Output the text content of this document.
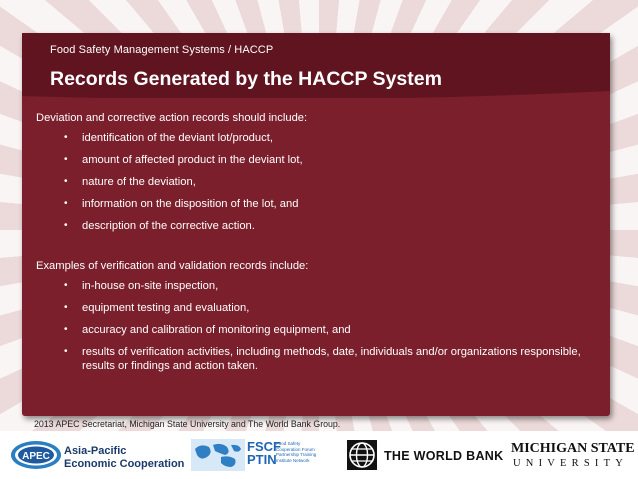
Food Safety Management Systems / HACCP
Records Generated by the HACCP System

Deviation and corrective action records should include:

• identification of the deviant lot/product,
• amount of affected product in the deviant lot,
• nature of the deviation,
• information on the disposition of the lot, and
• description of the corrective action.

Examples of verification and validation records include:

• in-house on-site inspection,
• equipment testing and evaluation,
• accuracy and calibration of monitoring equipment, and
• results of verification activities, including methods, date, individuals and/or organizations responsible, results or findings and action taken.
2013 APEC Secretariat, Michigan State University and The World Bank Group.
APEC Asia-Pacific
Economic Cooperation
FSCF
PTIN
Food Safety
Cooperation Forum
Partnership Training
Institute Network	THE WORLD BANK MICHIGAN STATE
UNIVERSITY
